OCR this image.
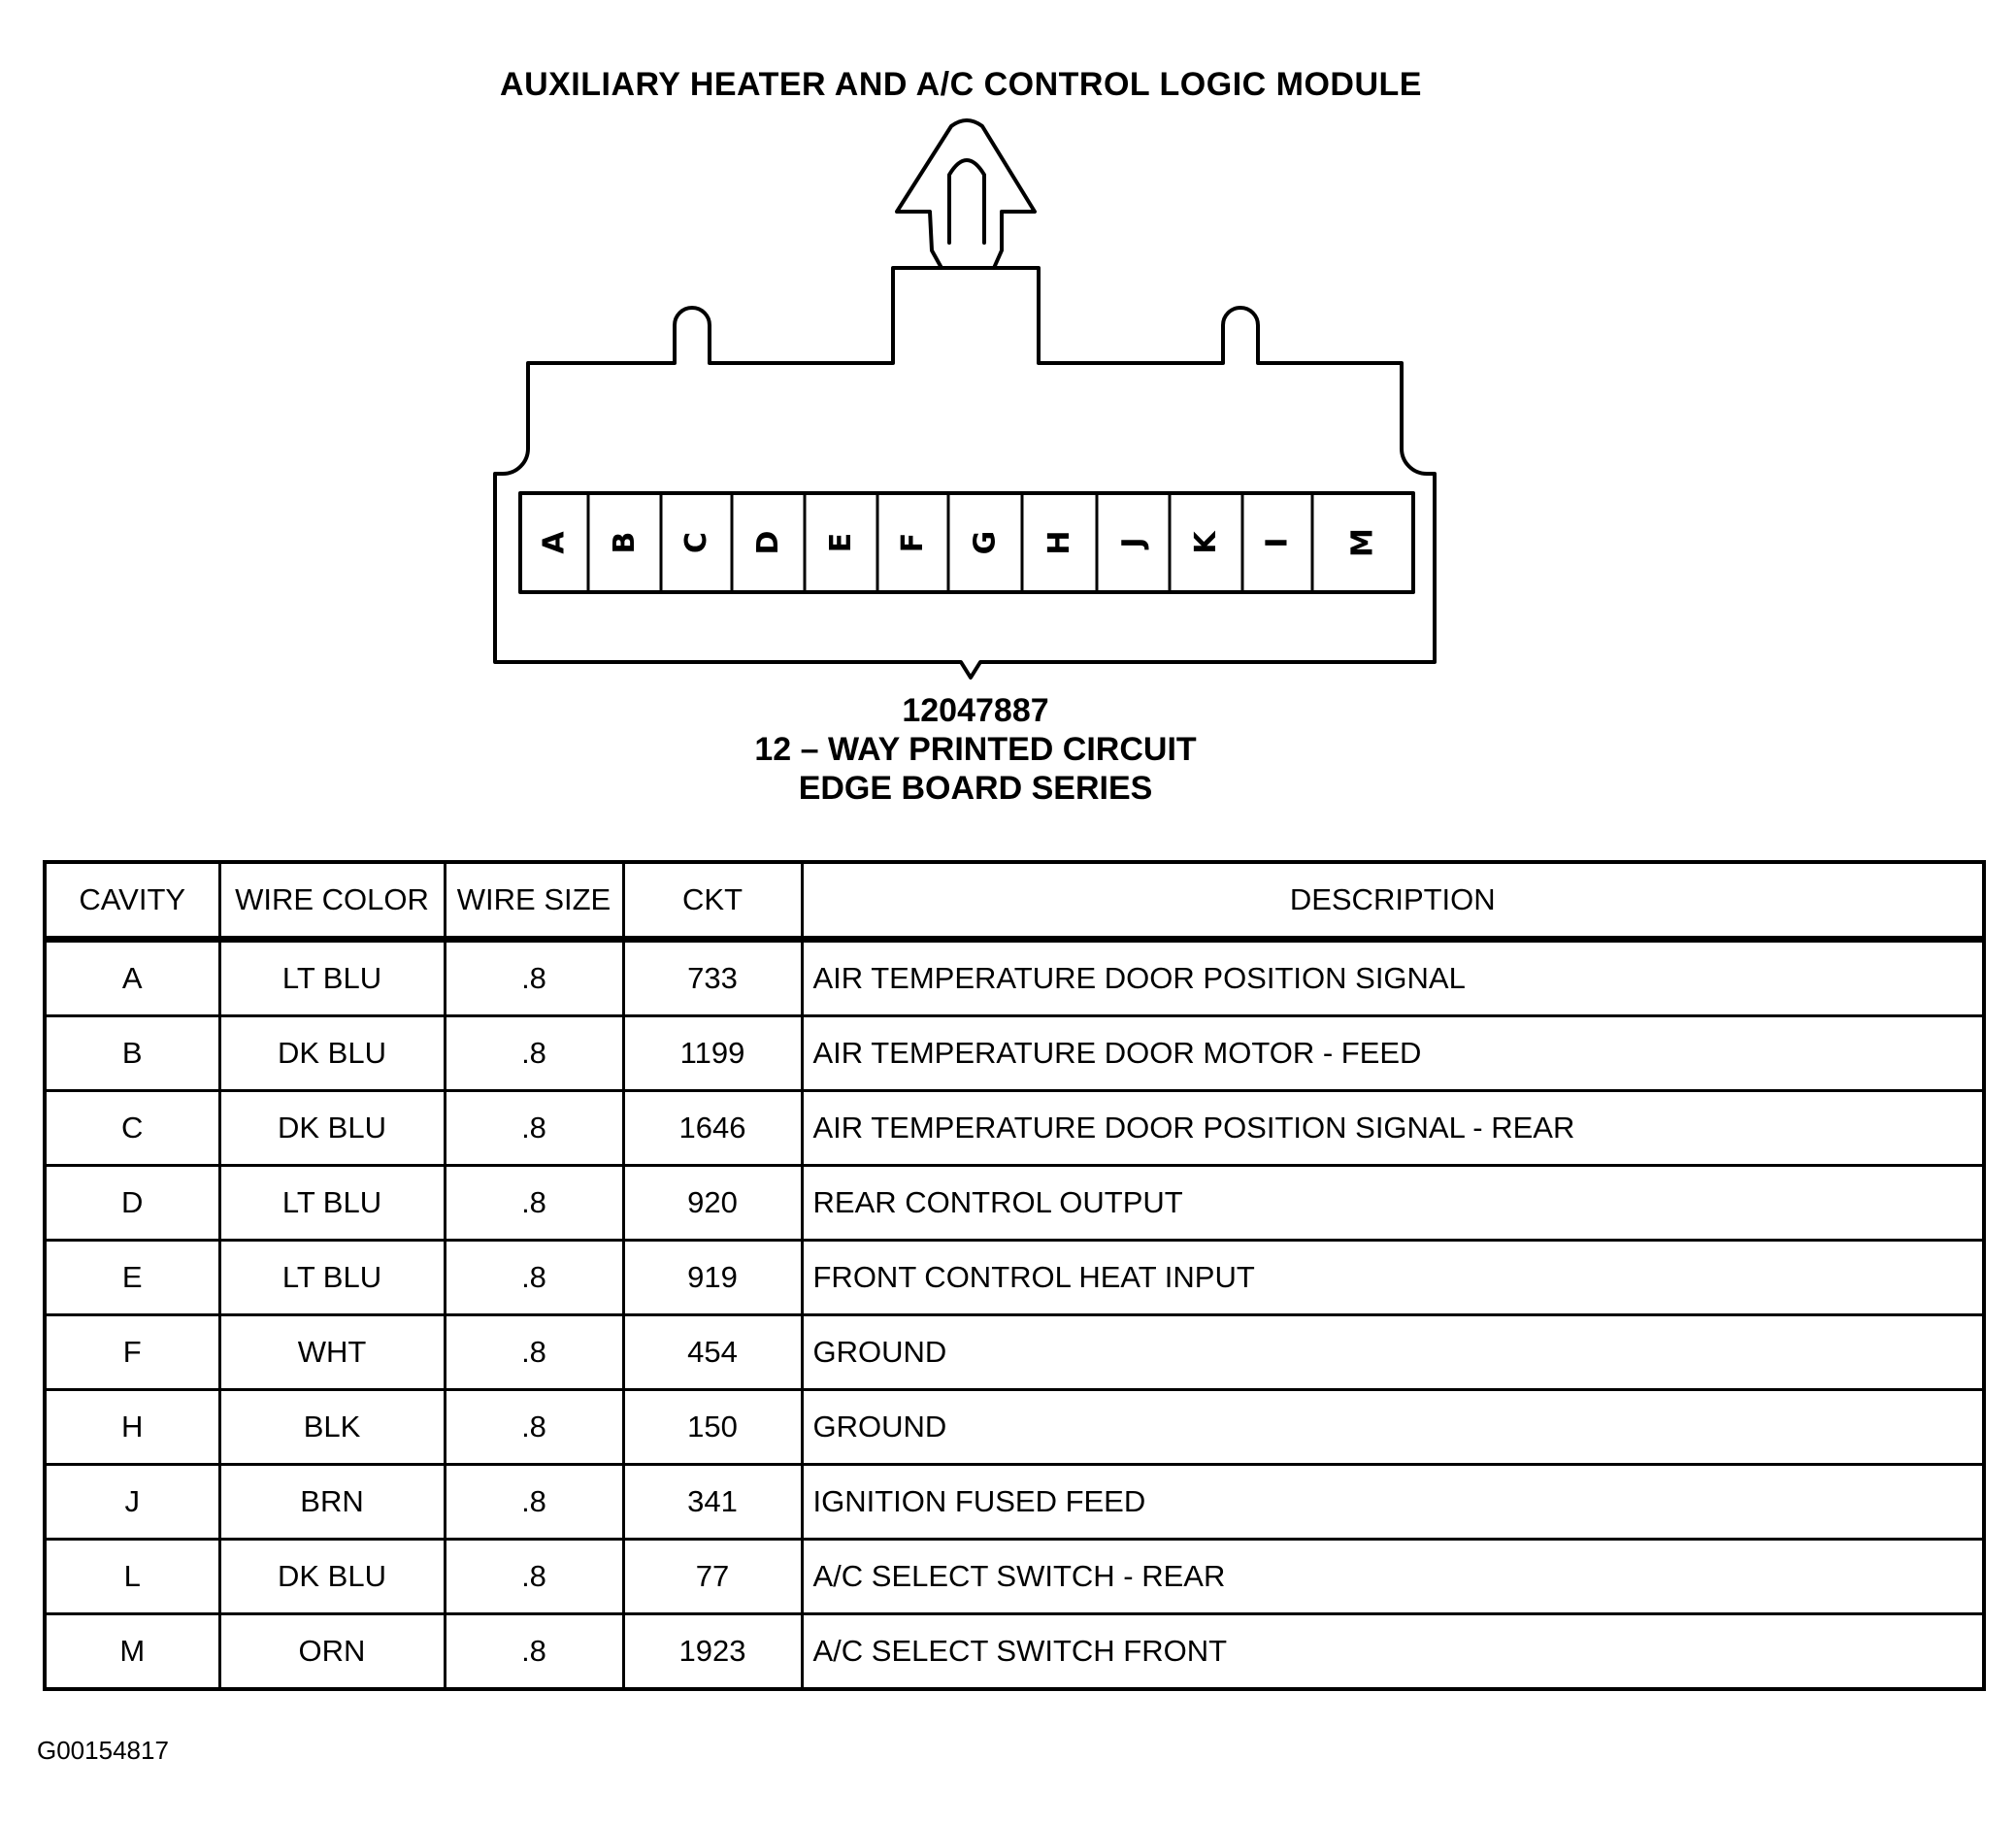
AUXILIARY HEATER AND A/C CONTROL LOGIC MODULE
A B C D E F G H J K I M
12047887
12 – WAY PRINTED CIRCUIT
EDGE BOARD SERIES
CAVITY	WIRE COLOR	WIRE SIZE	CKT	DESCRIPTION
A	LT BLU	.8	733	AIR TEMPERATURE DOOR POSITION SIGNAL
B	DK BLU	.8	1199	AIR TEMPERATURE DOOR MOTOR - FEED
C	DK BLU	.8	1646	AIR TEMPERATURE DOOR POSITION SIGNAL - REAR
D	LT BLU	.8	920	REAR CONTROL OUTPUT
E	LT BLU	.8	919	FRONT CONTROL HEAT INPUT
F	WHT	.8	454	GROUND
H	BLK	.8	150	GROUND
J	BRN	.8	341	IGNITION FUSED FEED
L	DK BLU	.8	77	A/C SELECT SWITCH - REAR
M	ORN	.8	1923	A/C SELECT SWITCH FRONT
G00154817
